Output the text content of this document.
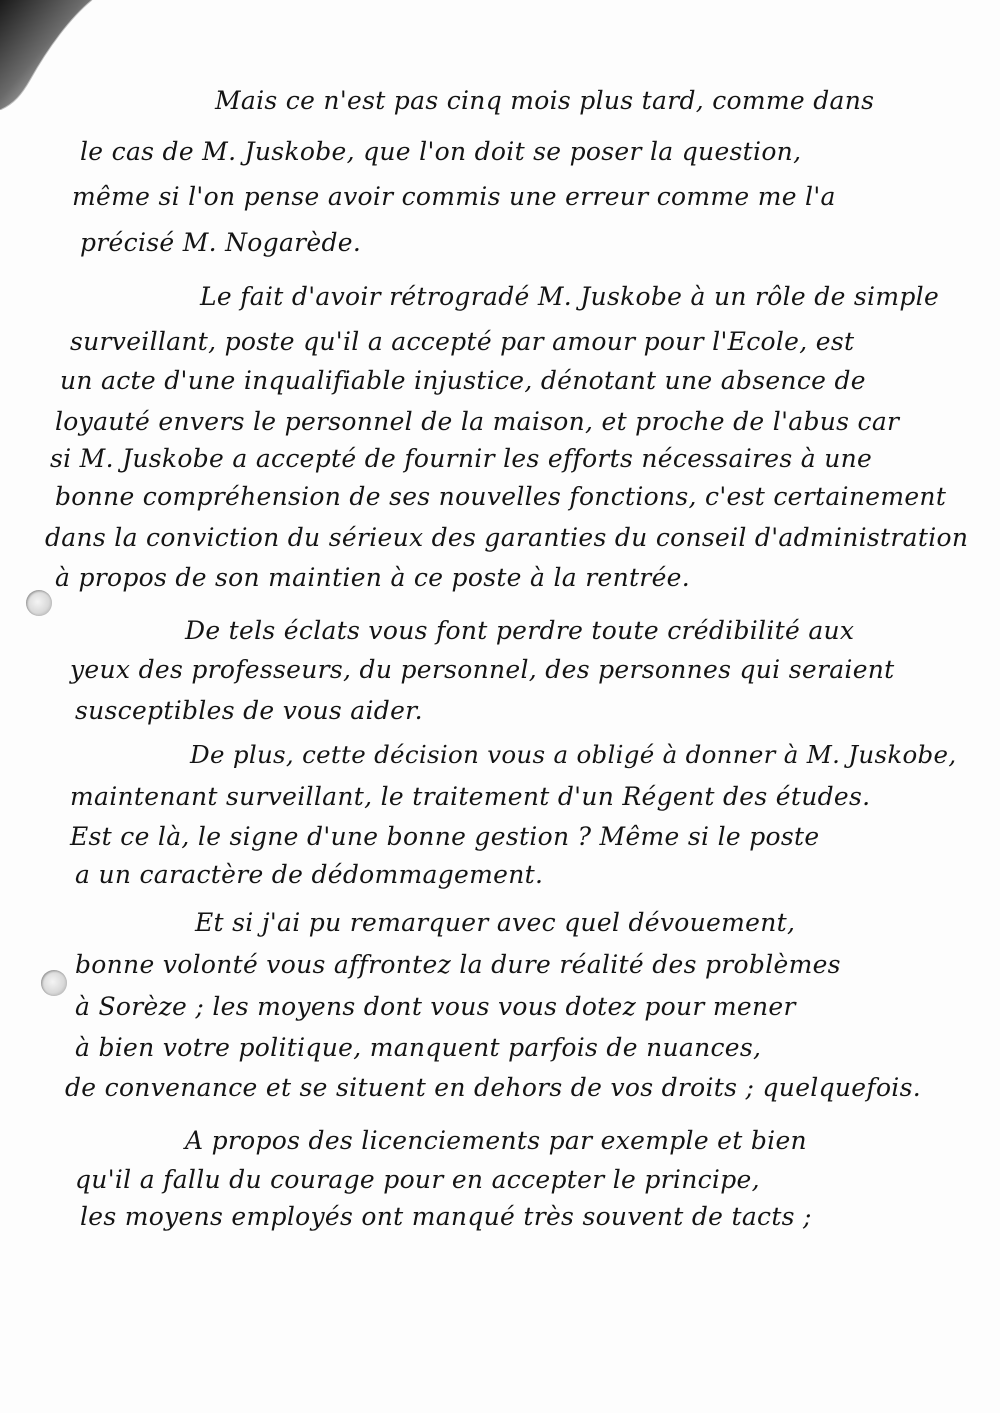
Mais ce n'est pas cinq mois plus tard, comme dans

le cas de M. Juskobe, que l'on doit se poser la question,

même si l'on pense avoir commis une erreur comme me l'a

précisé M. Nogarède.

Le fait d'avoir rétrogradé M. Juskobe à un rôle de simple

surveillant, poste qu'il a accepté par amour pour l'Ecole, est

un acte d'une inqualifiable injustice, dénotant une absence de

loyauté envers le personnel de la maison, et proche de l'abus car

si M. Juskobe a accepté de fournir les efforts nécessaires à une

bonne compréhension de ses nouvelles fonctions, c'est certainement

dans la conviction du sérieux des garanties du conseil d'administration

à propos de son maintien à ce poste à la rentrée.

De tels éclats vous font perdre toute crédibilité aux

yeux des professeurs, du personnel, des personnes qui seraient

susceptibles de vous aider.

De plus, cette décision vous a obligé à donner à M. Juskobe,

maintenant surveillant, le traitement d'un Régent des études.

Est ce là, le signe d'une bonne gestion ? Même si le poste

a un caractère de dédommagement.

Et si j'ai pu remarquer avec quel dévouement,

bonne volonté vous affrontez la dure réalité des problèmes

à Sorèze ; les moyens dont vous vous dotez pour mener

à bien votre politique, manquent parfois de nuances,

de convenance et se situent en dehors de vos droits ; quelquefois.

A propos des licenciements par exemple et bien

qu'il a fallu du courage pour en accepter le principe,

les moyens employés ont manqué très souvent de tacts ;
